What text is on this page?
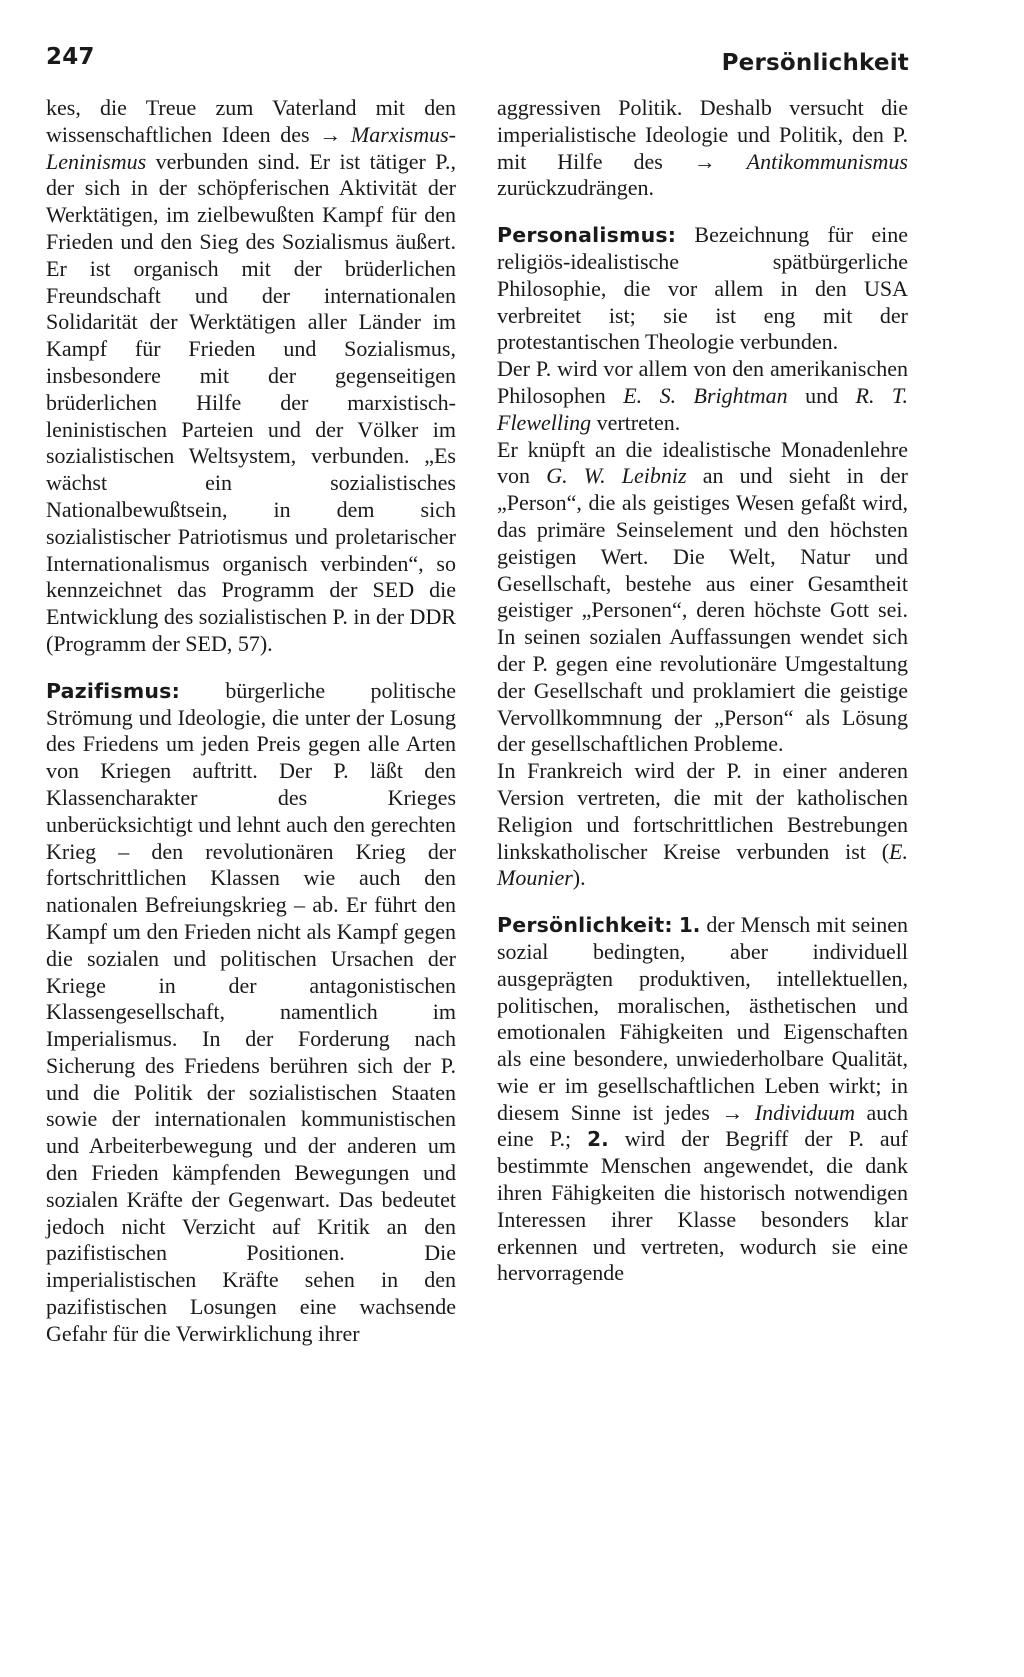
247	Persönlichkeit

kes, die Treue zum Vaterland mit den wissenschaftlichen Ideen des → Marxismus-Leninismus verbunden sind. Er ist tätiger P., der sich in der schöpferischen Aktivität der Werktätigen, im zielbewußten Kampf für den Frieden und den Sieg des Sozialismus äußert. Er ist organisch mit der brüderlichen Freundschaft und der internationalen Solidarität der Werktätigen aller Länder im Kampf für Frieden und Sozialismus, insbesondere mit der gegenseitigen brüderlichen Hilfe der marxistisch-leninistischen Parteien und der Völker im sozialistischen Weltsystem, verbunden. „Es wächst ein sozialistisches Nationalbewußtsein, in dem sich sozialistischer Patriotismus und proletarischer Internationalismus organisch verbinden“, so kennzeichnet das Programm der SED die Entwicklung des sozialistischen P. in der DDR (Programm der SED, 57).

Pazifismus: bürgerliche politische Strömung und Ideologie, die unter der Losung des Friedens um jeden Preis gegen alle Arten von Kriegen auftritt. Der P. läßt den Klassencharakter des Krieges unberücksichtigt und lehnt auch den gerechten Krieg – den revolutionären Krieg der fortschrittlichen Klassen wie auch den nationalen Befreiungskrieg – ab. Er führt den Kampf um den Frieden nicht als Kampf gegen die sozialen und politischen Ursachen der Kriege in der antagonistischen Klassengesellschaft, namentlich im Imperialismus. In der Forderung nach Sicherung des Friedens berühren sich der P. und die Politik der sozialistischen Staaten sowie der internationalen kommunistischen und Arbeiterbewegung und der anderen um den Frieden kämpfenden Bewegungen und sozialen Kräfte der Gegenwart. Das bedeutet jedoch nicht Verzicht auf Kritik an den pazifistischen Positionen. Die imperialistischen Kräfte sehen in den pazifistischen Losungen eine wachsende Gefahr für die Verwirklichung ihrer

aggressiven Politik. Deshalb versucht die imperialistische Ideologie und Politik, den P. mit Hilfe des → Antikommunismus zurückzudrängen.

Personalismus: Bezeichnung für eine religiös-idealistische spätbürgerliche Philosophie, die vor allem in den USA verbreitet ist; sie ist eng mit der protestantischen Theologie verbunden.

Der P. wird vor allem von den amerikanischen Philosophen E. S. Brightman und R. T. Flewelling vertreten.

Er knüpft an die idealistische Monadenlehre von G. W. Leibniz an und sieht in der „Person“, die als geistiges Wesen gefaßt wird, das primäre Seinselement und den höchsten geistigen Wert. Die Welt, Natur und Gesellschaft, bestehe aus einer Gesamtheit geistiger „Personen“, deren höchste Gott sei. In seinen sozialen Auffassungen wendet sich der P. gegen eine revolutionäre Umgestaltung der Gesellschaft und proklamiert die geistige Vervollkommnung der „Person“ als Lösung der gesellschaftlichen Probleme.

In Frankreich wird der P. in einer anderen Version vertreten, die mit der katholischen Religion und fortschrittlichen Bestrebungen linkskatholischer Kreise verbunden ist (E. Mounier).

Persönlichkeit: 1. der Mensch mit seinen sozial bedingten, aber individuell ausgeprägten produktiven, intellektuellen, politischen, moralischen, ästhetischen und emotionalen Fähigkeiten und Eigenschaften als eine besondere, unwiederholbare Qualität, wie er im gesellschaftlichen Leben wirkt; in diesem Sinne ist jedes → Individuum auch eine P.; 2. wird der Begriff der P. auf bestimmte Menschen angewendet, die dank ihren Fähigkeiten die historisch notwendigen Interessen ihrer Klasse besonders klar erkennen und vertreten, wodurch sie eine hervorragende
